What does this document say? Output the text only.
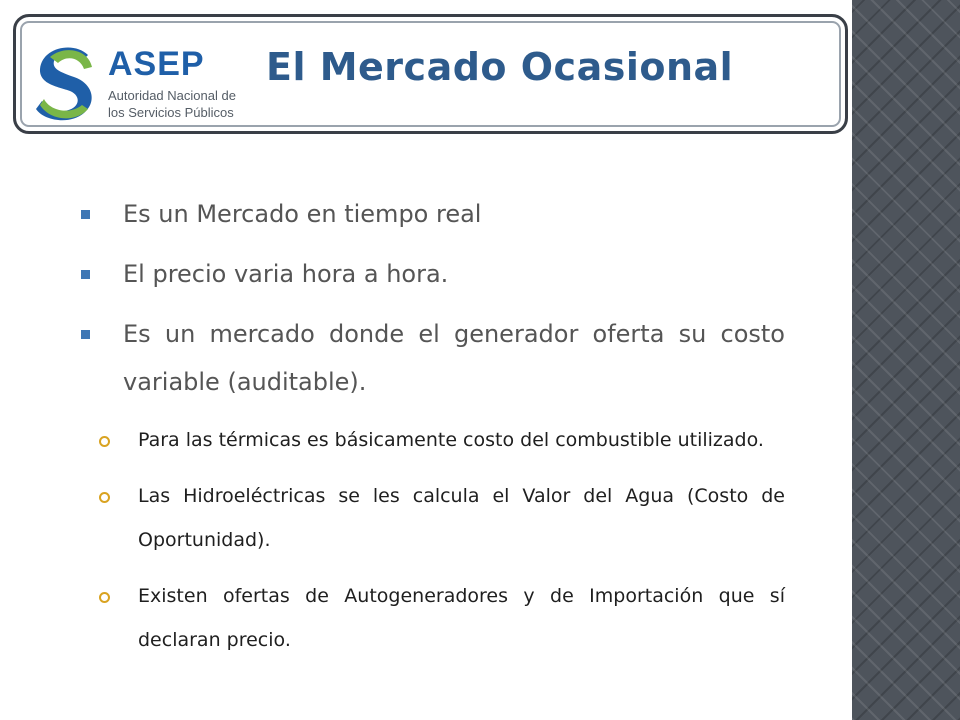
ASEP
Autoridad Nacional de
los Servicios Públicos
El Mercado Ocasional
Es un Mercado en tiempo real
El precio varia hora a hora.
Es un mercado donde el generador oferta su costo variable (auditable).
Para las térmicas es básicamente costo del combustible utilizado.
Las Hidroeléctricas se les calcula el Valor del Agua (Costo de Oportunidad).
Existen ofertas de Autogeneradores y de Importación que sí declaran precio.
